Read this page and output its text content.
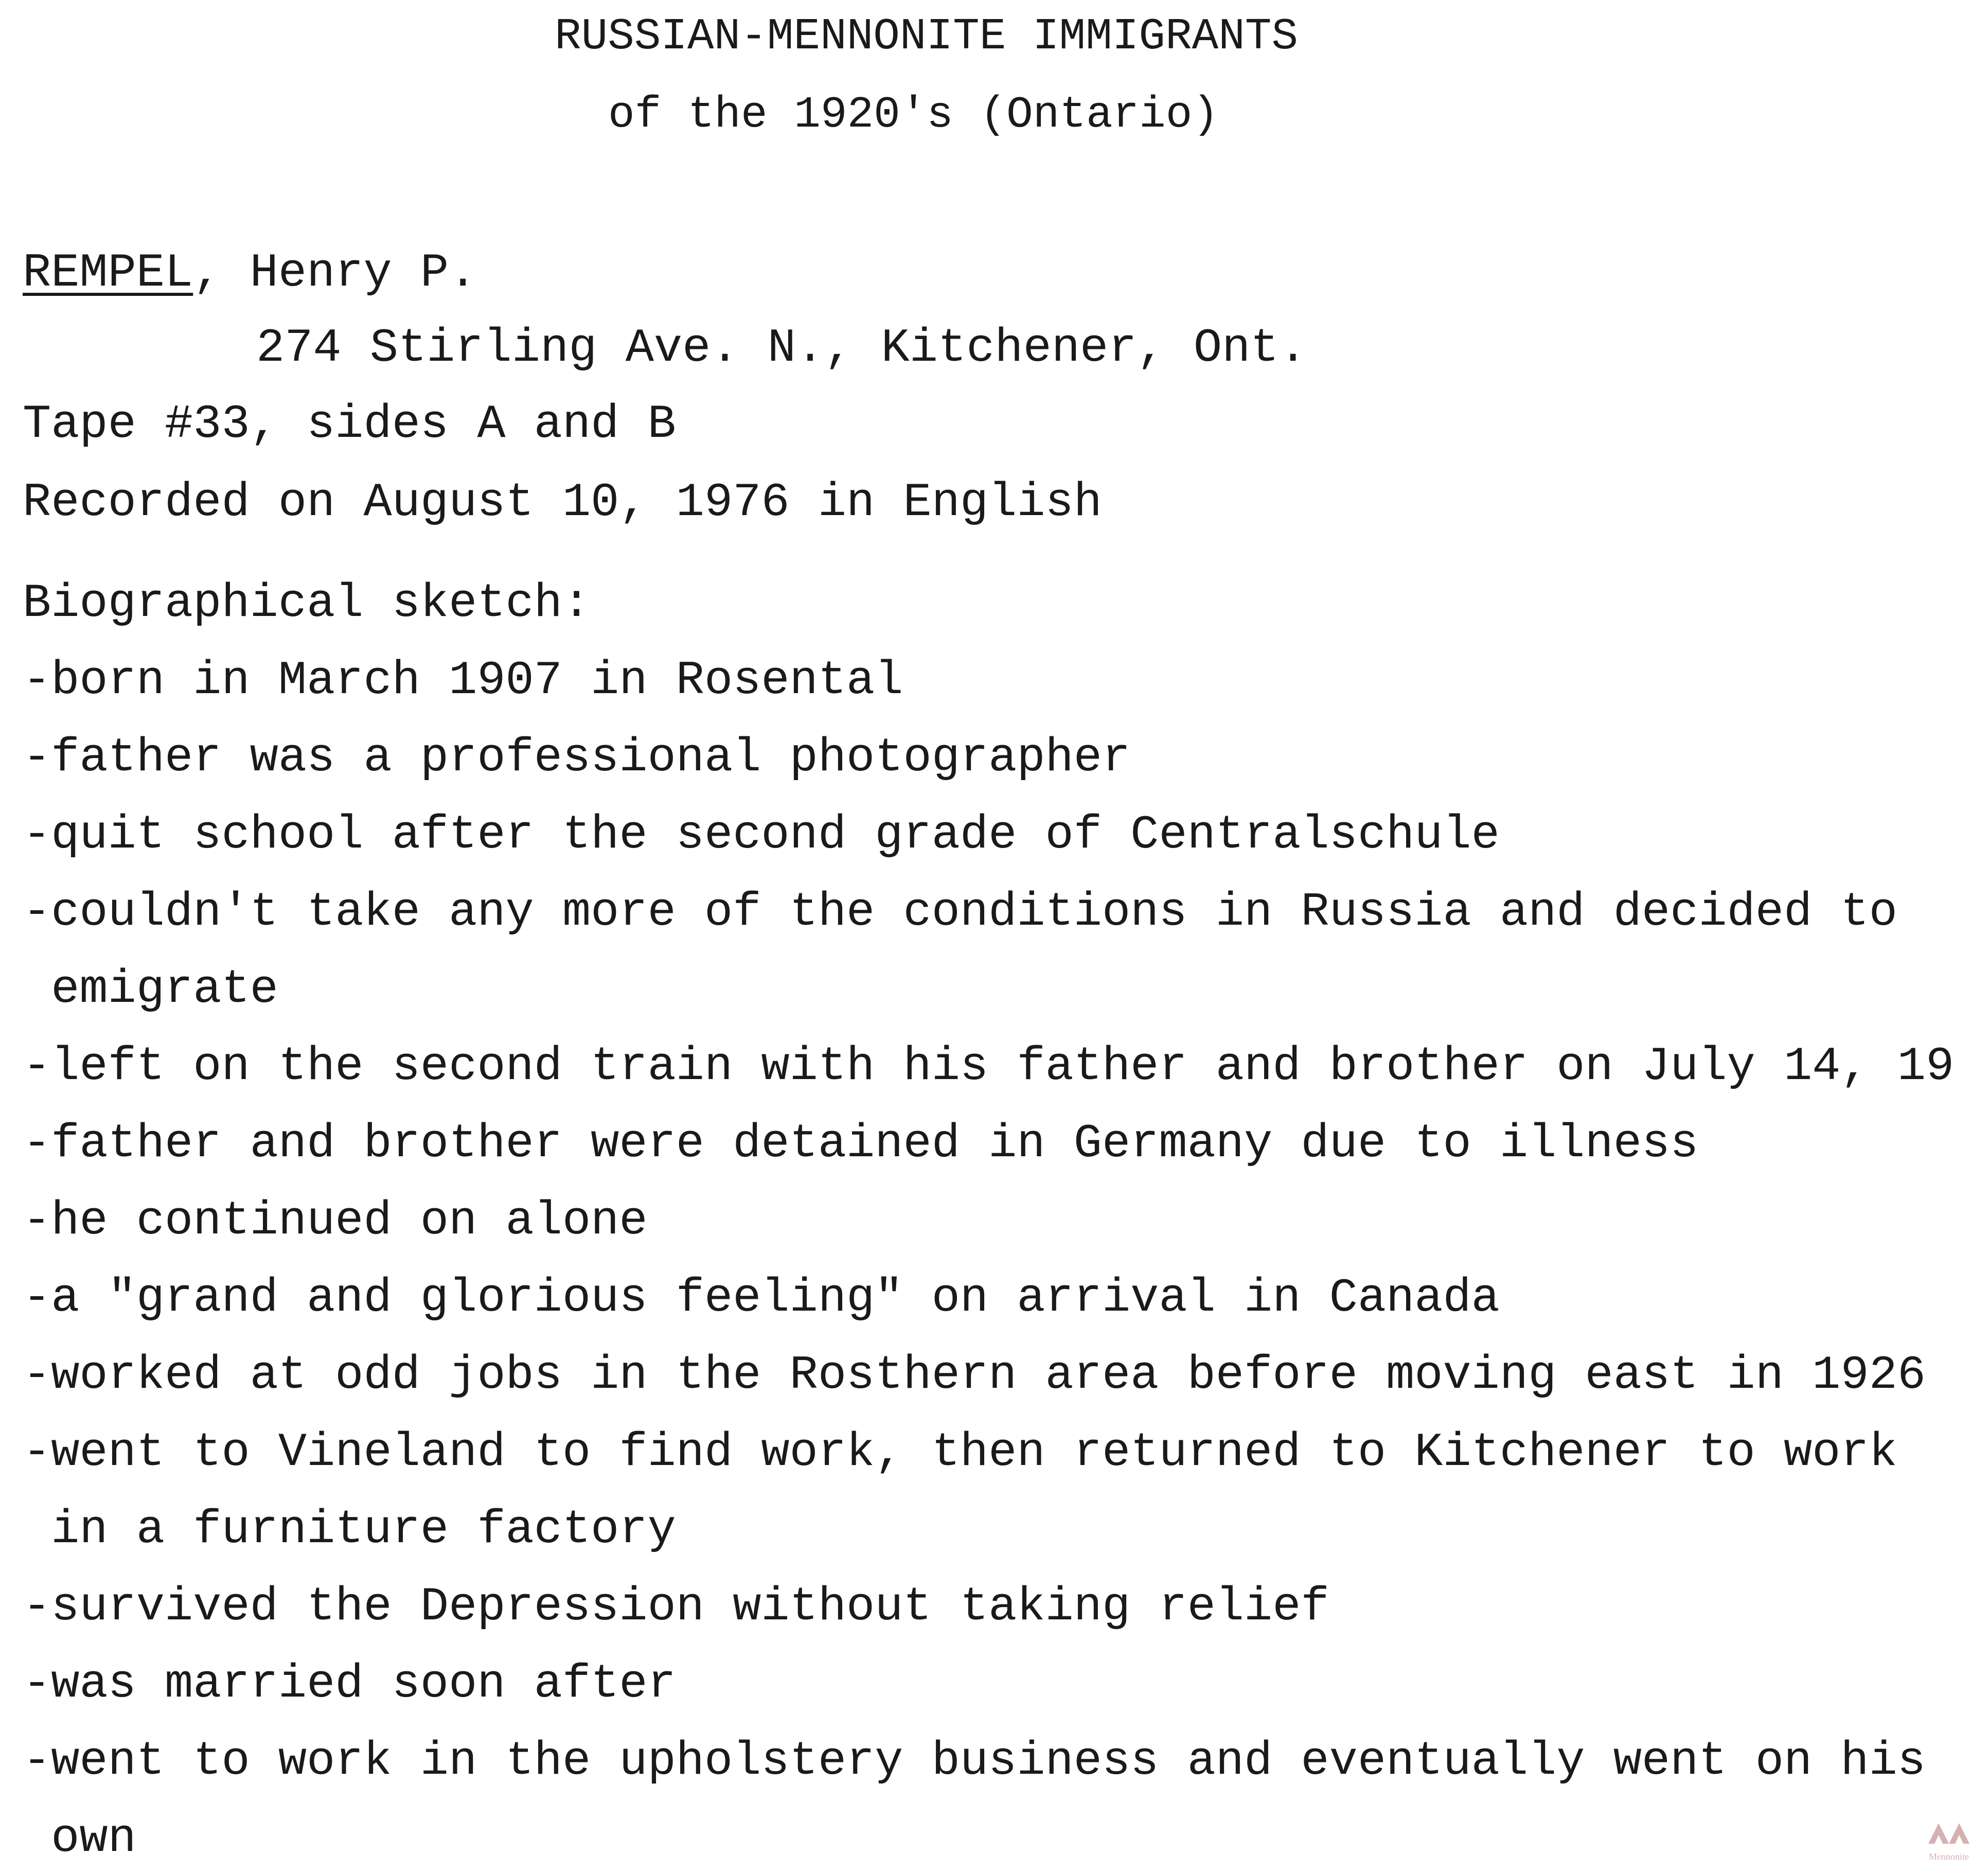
RUSSIAN-MENNONITE IMMIGRANTS
of the 1920's (Ontario)
REMPEL, Henry P.
274 Stirling Ave. N., Kitchener, Ont.
Tape #33, sides A and B
Recorded on August 10, 1976 in English
Biographical sketch:
-born in March 1907 in Rosental
-father was a professional photographer
-quit school after the second grade of Centralschule
-couldn't take any more of the conditions in Russia and decided to
emigrate
-left on the second train with his father and brother on July 14, 19
-father and brother were detained in Germany due to illness
-he continued on alone
-a "grand and glorious feeling" on arrival in Canada
-worked at odd jobs in the Rosthern area before moving east in 1926
-went to Vineland to find work, then returned to Kitchener to work
in a furniture factory
-survived the Depression without taking relief
-was married soon after
-went to work in the upholstery business and eventually went on his
own	Mennonite
